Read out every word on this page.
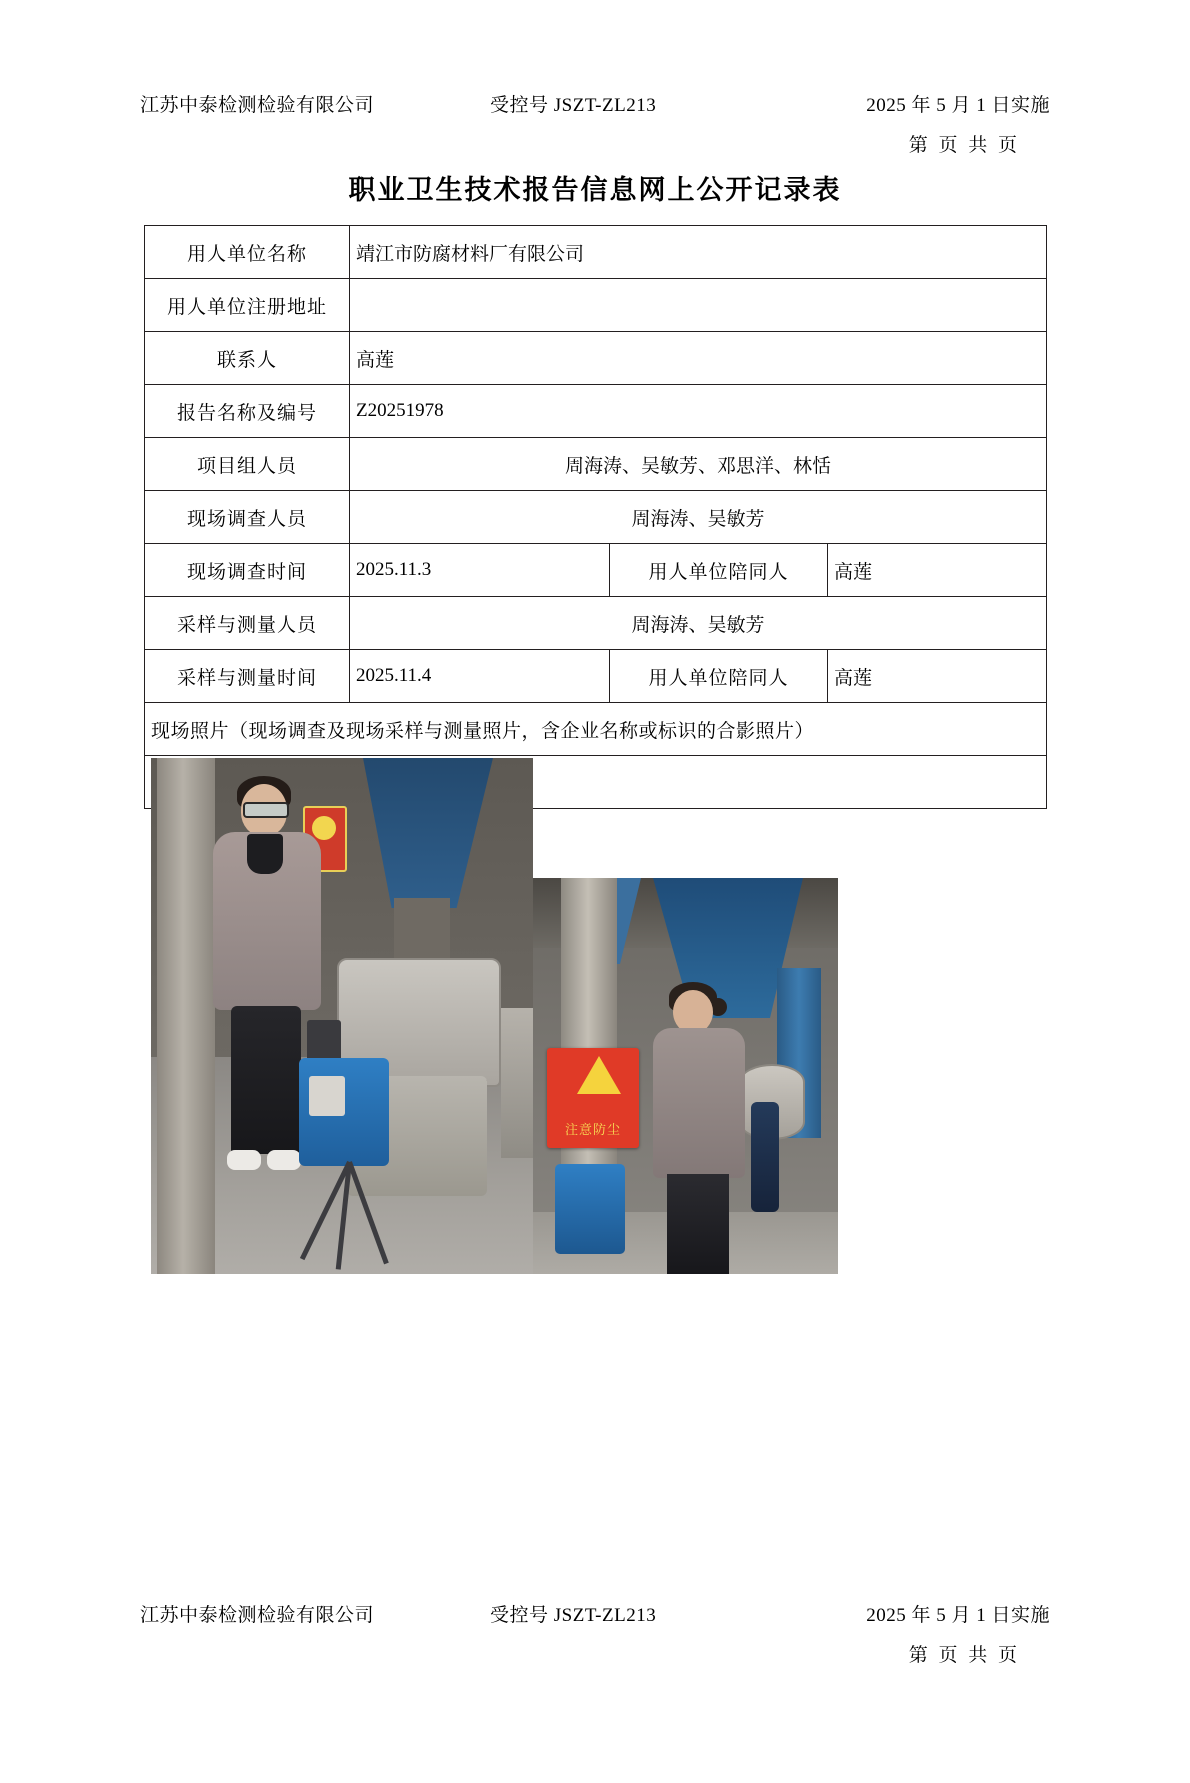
江苏中泰检测检验有限公司	受控号 JSZT-ZL213	2025 年 5 月 1 日实施
第 页 共 页
职业卫生技术报告信息网上公开记录表
用人单位名称	靖江市防腐材料厂有限公司		
用人单位注册地址			
联系人	高莲		
报告名称及编号	Z20251978		
项目组人员	周海涛、吴敏芳、邓思洋、林恬		
现场调查人员	周海涛、吴敏芳		
现场调查时间	2025.11.3	用人单位陪同人	高莲
采样与测量人员	周海涛、吴敏芳		
采样与测量时间	2025.11.4	用人单位陪同人	高莲
现场照片（现场调查及现场采样与测量照片，含企业名称或标识的合影照片）			

注意防尘			
江苏中泰检测检验有限公司	受控号 JSZT-ZL213	2025 年 5 月 1 日实施
第 页 共 页
